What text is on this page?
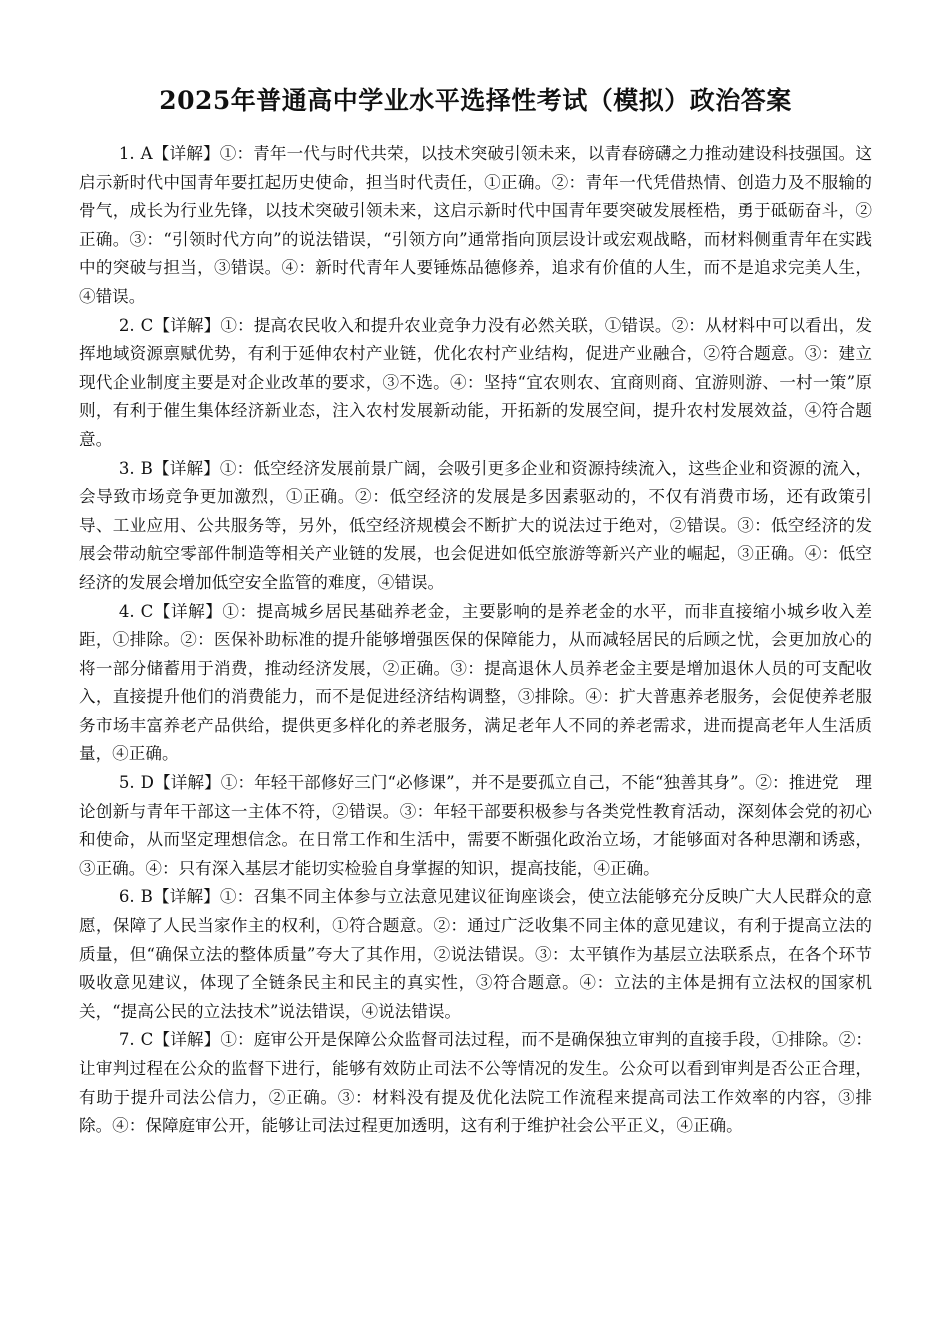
2025年普通高中学业水平选择性考试（模拟）政治答案

1. A【详解】①：青年一代与时代共荣，以技术突破引领未来，以青春磅礴之力推动建设科技强国。这启示新时代中国青年要扛起历史使命，担当时代责任，①正确。②：青年一代凭借热情、创造力及不服输的骨气，成长为行业先锋，以技术突破引领未来，这启示新时代中国青年要突破发展桎梏，勇于砥砺奋斗，②正确。③：“引领时代方向”的说法错误，“引领方向”通常指向顶层设计或宏观战略，而材料侧重青年在实践中的突破与担当，③错误。④：新时代青年人要锤炼品德修养，追求有价值的人生，而不是追求完美人生，④错误。

2. C【详解】①：提高农民收入和提升农业竞争力没有必然关联，①错误。②：从材料中可以看出，发挥地域资源禀赋优势，有利于延伸农村产业链，优化农村产业结构，促进产业融合，②符合题意。③：建立现代企业制度主要是对企业改革的要求，③不选。④：坚持“宜农则农、宜商则商、宜游则游、一村一策”原则，有利于催生集体经济新业态，注入农村发展新动能，开拓新的发展空间，提升农村发展效益，④符合题意。

3. B【详解】①：低空经济发展前景广阔，会吸引更多企业和资源持续流入，这些企业和资源的流入，会导致市场竞争更加激烈，①正确。②：低空经济的发展是多因素驱动的，不仅有消费市场，还有政策引导、工业应用、公共服务等，另外，低空经济规模会不断扩大的说法过于绝对，②错误。③：低空经济的发展会带动航空零部件制造等相关产业链的发展，也会促进如低空旅游等新兴产业的崛起，③正确。④：低空经济的发展会增加低空安全监管的难度，④错误。

4. C【详解】①：提高城乡居民基础养老金，主要影响的是养老金的水平，而非直接缩小城乡收入差距，①排除。②：医保补助标准的提升能够增强医保的保障能力，从而减轻居民的后顾之忧，会更加放心的将一部分储蓄用于消费，推动经济发展，②正确。③：提高退休人员养老金主要是增加退休人员的可支配收入，直接提升他们的消费能力，而不是促进经济结构调整，③排除。④：扩大普惠养老服务，会促使养老服务市场丰富养老产品供给，提供更多样化的养老服务，满足老年人不同的养老需求，进而提高老年人生活质量，④正确。

5. D【详解】①：年轻干部修好三门“必修课”，并不是要孤立自己，不能“独善其身”。②：推进党　理论创新与青年干部这一主体不符，②错误。③：年轻干部要积极参与各类党性教育活动，深刻体会党的初心和使命，从而坚定理想信念。在日常工作和生活中，需要不断强化政治立场，才能够面对各种思潮和诱惑，③正确。④：只有深入基层才能切实检验自身掌握的知识，提高技能，④正确。

6. B【详解】①：召集不同主体参与立法意见建议征询座谈会，使立法能够充分反映广大人民群众的意愿，保障了人民当家作主的权利，①符合题意。②：通过广泛收集不同主体的意见建议，有利于提高立法的质量，但“确保立法的整体质量”夸大了其作用，②说法错误。③：太平镇作为基层立法联系点，在各个环节吸收意见建议，体现了全链条民主和民主的真实性，③符合题意。④：立法的主体是拥有立法权的国家机关，“提高公民的立法技术”说法错误，④说法错误。

7. C【详解】①：庭审公开是保障公众监督司法过程，而不是确保独立审判的直接手段，①排除。②：让审判过程在公众的监督下进行，能够有效防止司法不公等情况的发生。公众可以看到审判是否公正合理，有助于提升司法公信力，②正确。③：材料没有提及优化法院工作流程来提高司法工作效率的内容，③排除。④：保障庭审公开，能够让司法过程更加透明，这有利于维护社会公平正义，④正确。
